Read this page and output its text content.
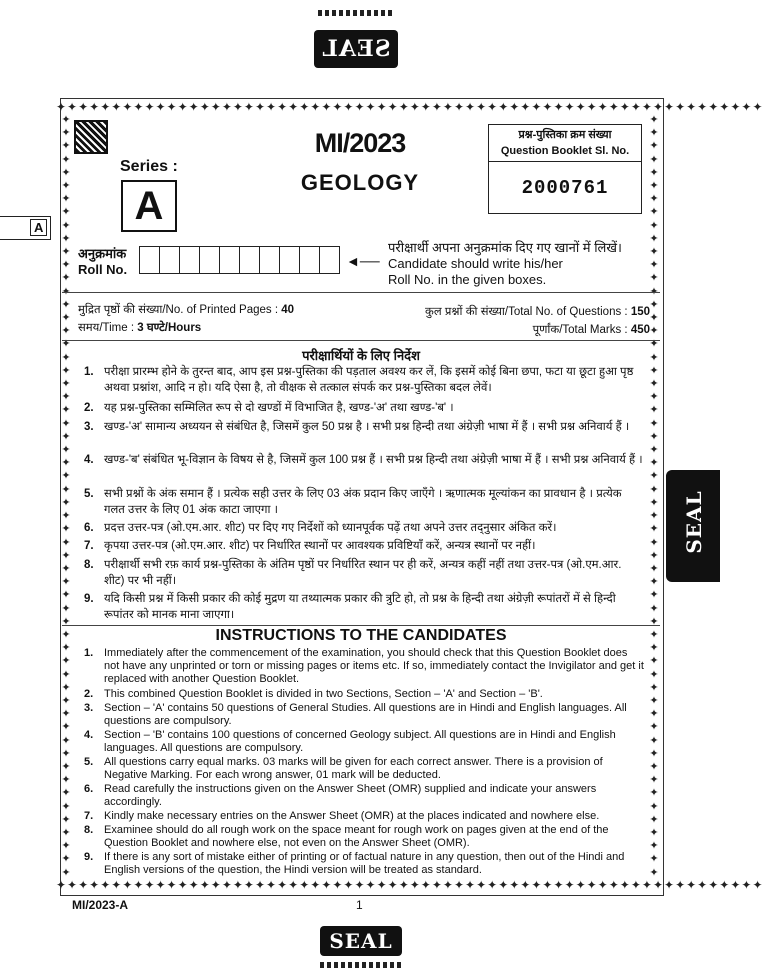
SEAL
A
SEAL
✦✦✦✦✦✦✦✦✦✦✦✦✦✦✦✦✦✦✦✦✦✦✦✦✦✦✦✦✦✦✦✦✦✦✦✦✦✦✦✦✦✦✦✦✦✦✦✦✦✦✦✦✦✦✦✦✦✦✦✦✦✦✦✦
✦✦✦✦✦✦✦✦✦✦✦✦✦✦✦✦✦✦✦✦✦✦✦✦✦✦✦✦✦✦✦✦✦✦✦✦✦✦✦✦✦✦✦✦✦✦✦✦✦✦✦✦✦✦✦✦✦✦✦✦✦✦✦✦
✦
✦
✦
✦
✦
✦
✦
✦
✦
✦
✦
✦
✦
✦
✦
✦
✦
✦
✦
✦
✦
✦
✦
✦
✦
✦
✦
✦
✦
✦
✦
✦
✦
✦
✦
✦
✦
✦
✦
✦
✦
✦
✦
✦
✦
✦
✦
✦
✦
✦
✦
✦
✦
✦
✦
✦
✦
✦
✦
✦
✦
✦
✦
✦
✦
✦
✦
✦
✦
✦
✦
✦
✦
✦
✦
✦
✦
✦
✦
✦
✦
✦
✦
✦
✦
✦
✦
✦
✦
✦
✦
✦
✦
✦
✦
✦
✦
✦
✦
✦
✦
✦
✦
✦
✦
✦
✦
✦
✦
✦
✦
✦
✦
✦
✦
✦
MI/2023
GEOLOGY
Series :
A
प्रश्न-पुस्तिका क्रम संख्या
Question Booklet Sl. No.
2000761
अनुक्रमांक
Roll No.
◄──
परीक्षार्थी अपना अनुक्रमांक दिए गए खानों में लिखें।
Candidate should write his/her
Roll No. in the given boxes.
मुद्रित पृष्ठों की संख्या/No. of Printed Pages : 40
समय/Time : 3 घण्टे/Hours
कुल प्रश्नों की संख्या/Total No. of Questions : 150
पूर्णांक/Total Marks : 450
परीक्षार्थियों के लिए निर्देश
1. परीक्षा प्रारम्भ होने के तुरन्त बाद, आप इस प्रश्न-पुस्तिका की पड़ताल अवश्य कर लें, कि इसमें कोई बिना छपा, फटा या छूटा हुआ पृष्ठ अथवा प्रश्नांश, आदि न हो। यदि ऐसा है, तो वीक्षक से तत्काल संपर्क कर प्रश्न-पुस्तिका बदल लेवें।
2. यह प्रश्न-पुस्तिका सम्मिलित रूप से दो खण्डों में विभाजित है, खण्ड-'अ' तथा खण्ड-'ब' ।
3. खण्ड-'अ' सामान्य अध्ययन से संबंधित है, जिसमें कुल 50 प्रश्न है । सभी प्रश्न हिन्दी तथा अंग्रेज़ी भाषा में हैं । सभी प्रश्न अनिवार्य हैं ।
4. खण्ड-'ब' संबंधित भू-विज्ञान के विषय से है, जिसमें कुल 100 प्रश्न हैं । सभी प्रश्न हिन्दी तथा अंग्रेज़ी भाषा में हैं । सभी प्रश्न अनिवार्य हैं ।
5. सभी प्रश्नों के अंक समान हैं । प्रत्येक सही उत्तर के लिए 03 अंक प्रदान किए जाएँगे । ऋणात्मक मूल्यांकन का प्रावधान है । प्रत्येक गलत उत्तर के लिए 01 अंक काटा जाएगा ।
6. प्रदत्त उत्तर-पत्र (ओ.एम.आर. शीट) पर दिए गए निर्देशों को ध्यानपूर्वक पढ़ें तथा अपने उत्तर तद्नुसार अंकित करें।
7. कृपया उत्तर-पत्र (ओ.एम.आर. शीट) पर निर्धारित स्थानों पर आवश्यक प्रविष्टियाँ करें, अन्यत्र स्थानों पर नहीं।
8. परीक्षार्थी सभी रफ़ कार्य प्रश्न-पुस्तिका के अंतिम पृष्ठों पर निर्धारित स्थान पर ही करें, अन्यत्र कहीं नहीं तथा उत्तर-पत्र (ओ.एम.आर. शीट) पर भी नहीं।
9. यदि किसी प्रश्न में किसी प्रकार की कोई मुद्रण या तथ्यात्मक प्रकार की त्रुटि हो, तो प्रश्न के हिन्दी तथा अंग्रेज़ी रूपांतरों में से हिन्दी रूपांतर को मानक माना जाएगा।
INSTRUCTIONS TO THE CANDIDATES
1. Immediately after the commencement of the examination, you should check that this Question Booklet does not have any unprinted or torn or missing pages or items etc. If so, immediately contact the Invigilator and get it replaced with another Question Booklet.
2. This combined Question Booklet is divided in two Sections, Section – 'A' and Section – 'B'.
3. Section – 'A' contains 50 questions of General Studies. All questions are in Hindi and English languages. All questions are compulsory.
4. Section – 'B' contains 100 questions of concerned Geology subject. All questions are in Hindi and English languages. All questions are compulsory.
5. All questions carry equal marks. 03 marks will be given for each correct answer. There is a provision of Negative Marking. For each wrong answer, 01 mark will be deducted.
6. Read carefully the instructions given on the Answer Sheet (OMR) supplied and indicate your answers accordingly.
7. Kindly make necessary entries on the Answer Sheet (OMR) at the places indicated and nowhere else.
8. Examinee should do all rough work on the space meant for rough work on pages given at the end of the Question Booklet and nowhere else, not even on the Answer Sheet (OMR).
9. If there is any sort of mistake either of printing or of factual nature in any question, then out of the Hindi and English versions of the question, the Hindi version will be treated as standard.
MI/2023-A	1
SEAL
